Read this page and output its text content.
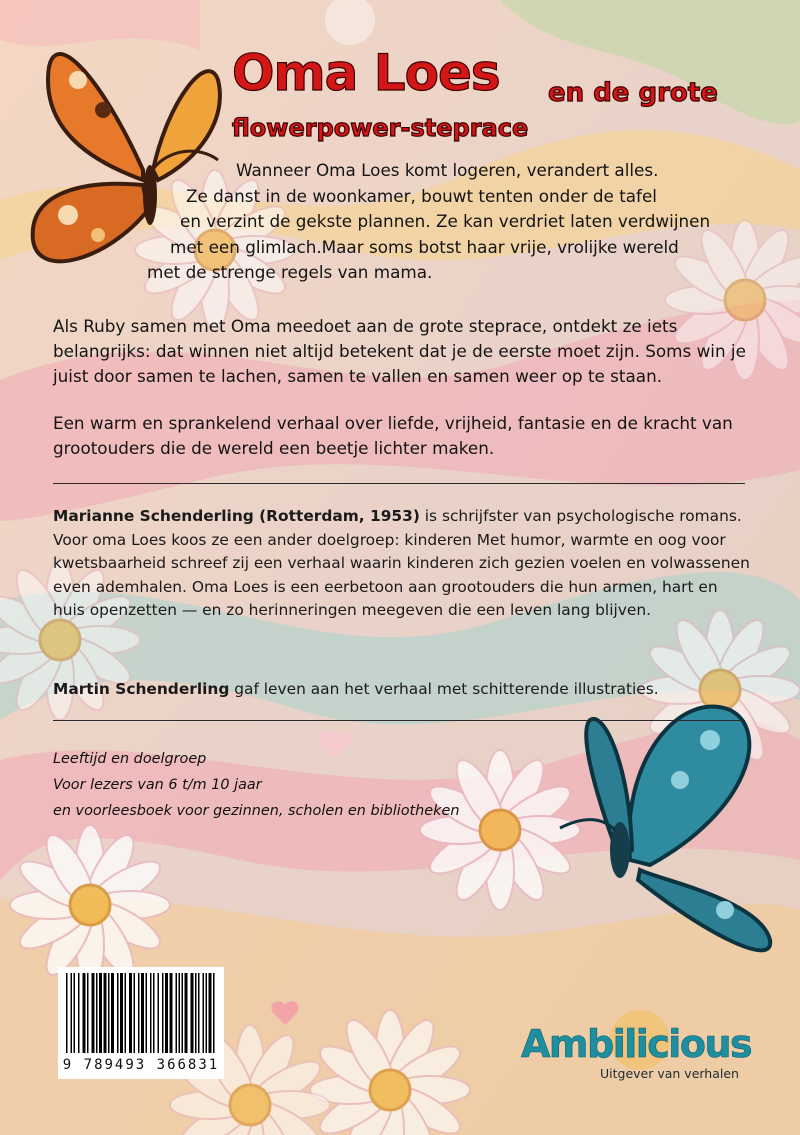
Oma Loes en de grote
flowerpower-steprace
Wanneer Oma Loes komt logeren, verandert alles.
Ze danst in de woonkamer, bouwt tenten onder de tafel
en verzint de gekste plannen. Ze kan verdriet laten verdwijnen
met een glimlach.Maar soms botst haar vrije, vrolijke wereld
met de strenge regels van mama.

Als Ruby samen met Oma meedoet aan de grote steprace, ontdekt ze iets belangrijks: dat winnen niet altijd betekent dat je de eerste moet zijn. Soms win je juist door samen te lachen, samen te vallen en samen weer op te staan.

Een warm en sprankelend verhaal over liefde, vrijheid, fantasie en de kracht van grootouders die de wereld een beetje lichter maken.

Marianne Schenderling (Rotterdam, 1953) is schrijfster van psychologische romans. Voor oma Loes koos ze een ander doelgroep: kinderen Met humor, warmte en oog voor kwetsbaarheid schreef zij een verhaal waarin kinderen zich gezien voelen en volwassenen even ademhalen. Oma Loes is een eerbetoon aan grootouders die hun armen, hart en huis openzetten — en zo herinneringen meegeven die een leven lang blijven.

Martin Schenderling gaf leven aan het verhaal met schitterende illustraties.

Leeftijd en doelgroep

Voor lezers van 6 t/m 10 jaar

en voorleesboek voor gezinnen, scholen en bibliotheken

9 789493 366831	Ambilicious
Uitgever van verhalen
